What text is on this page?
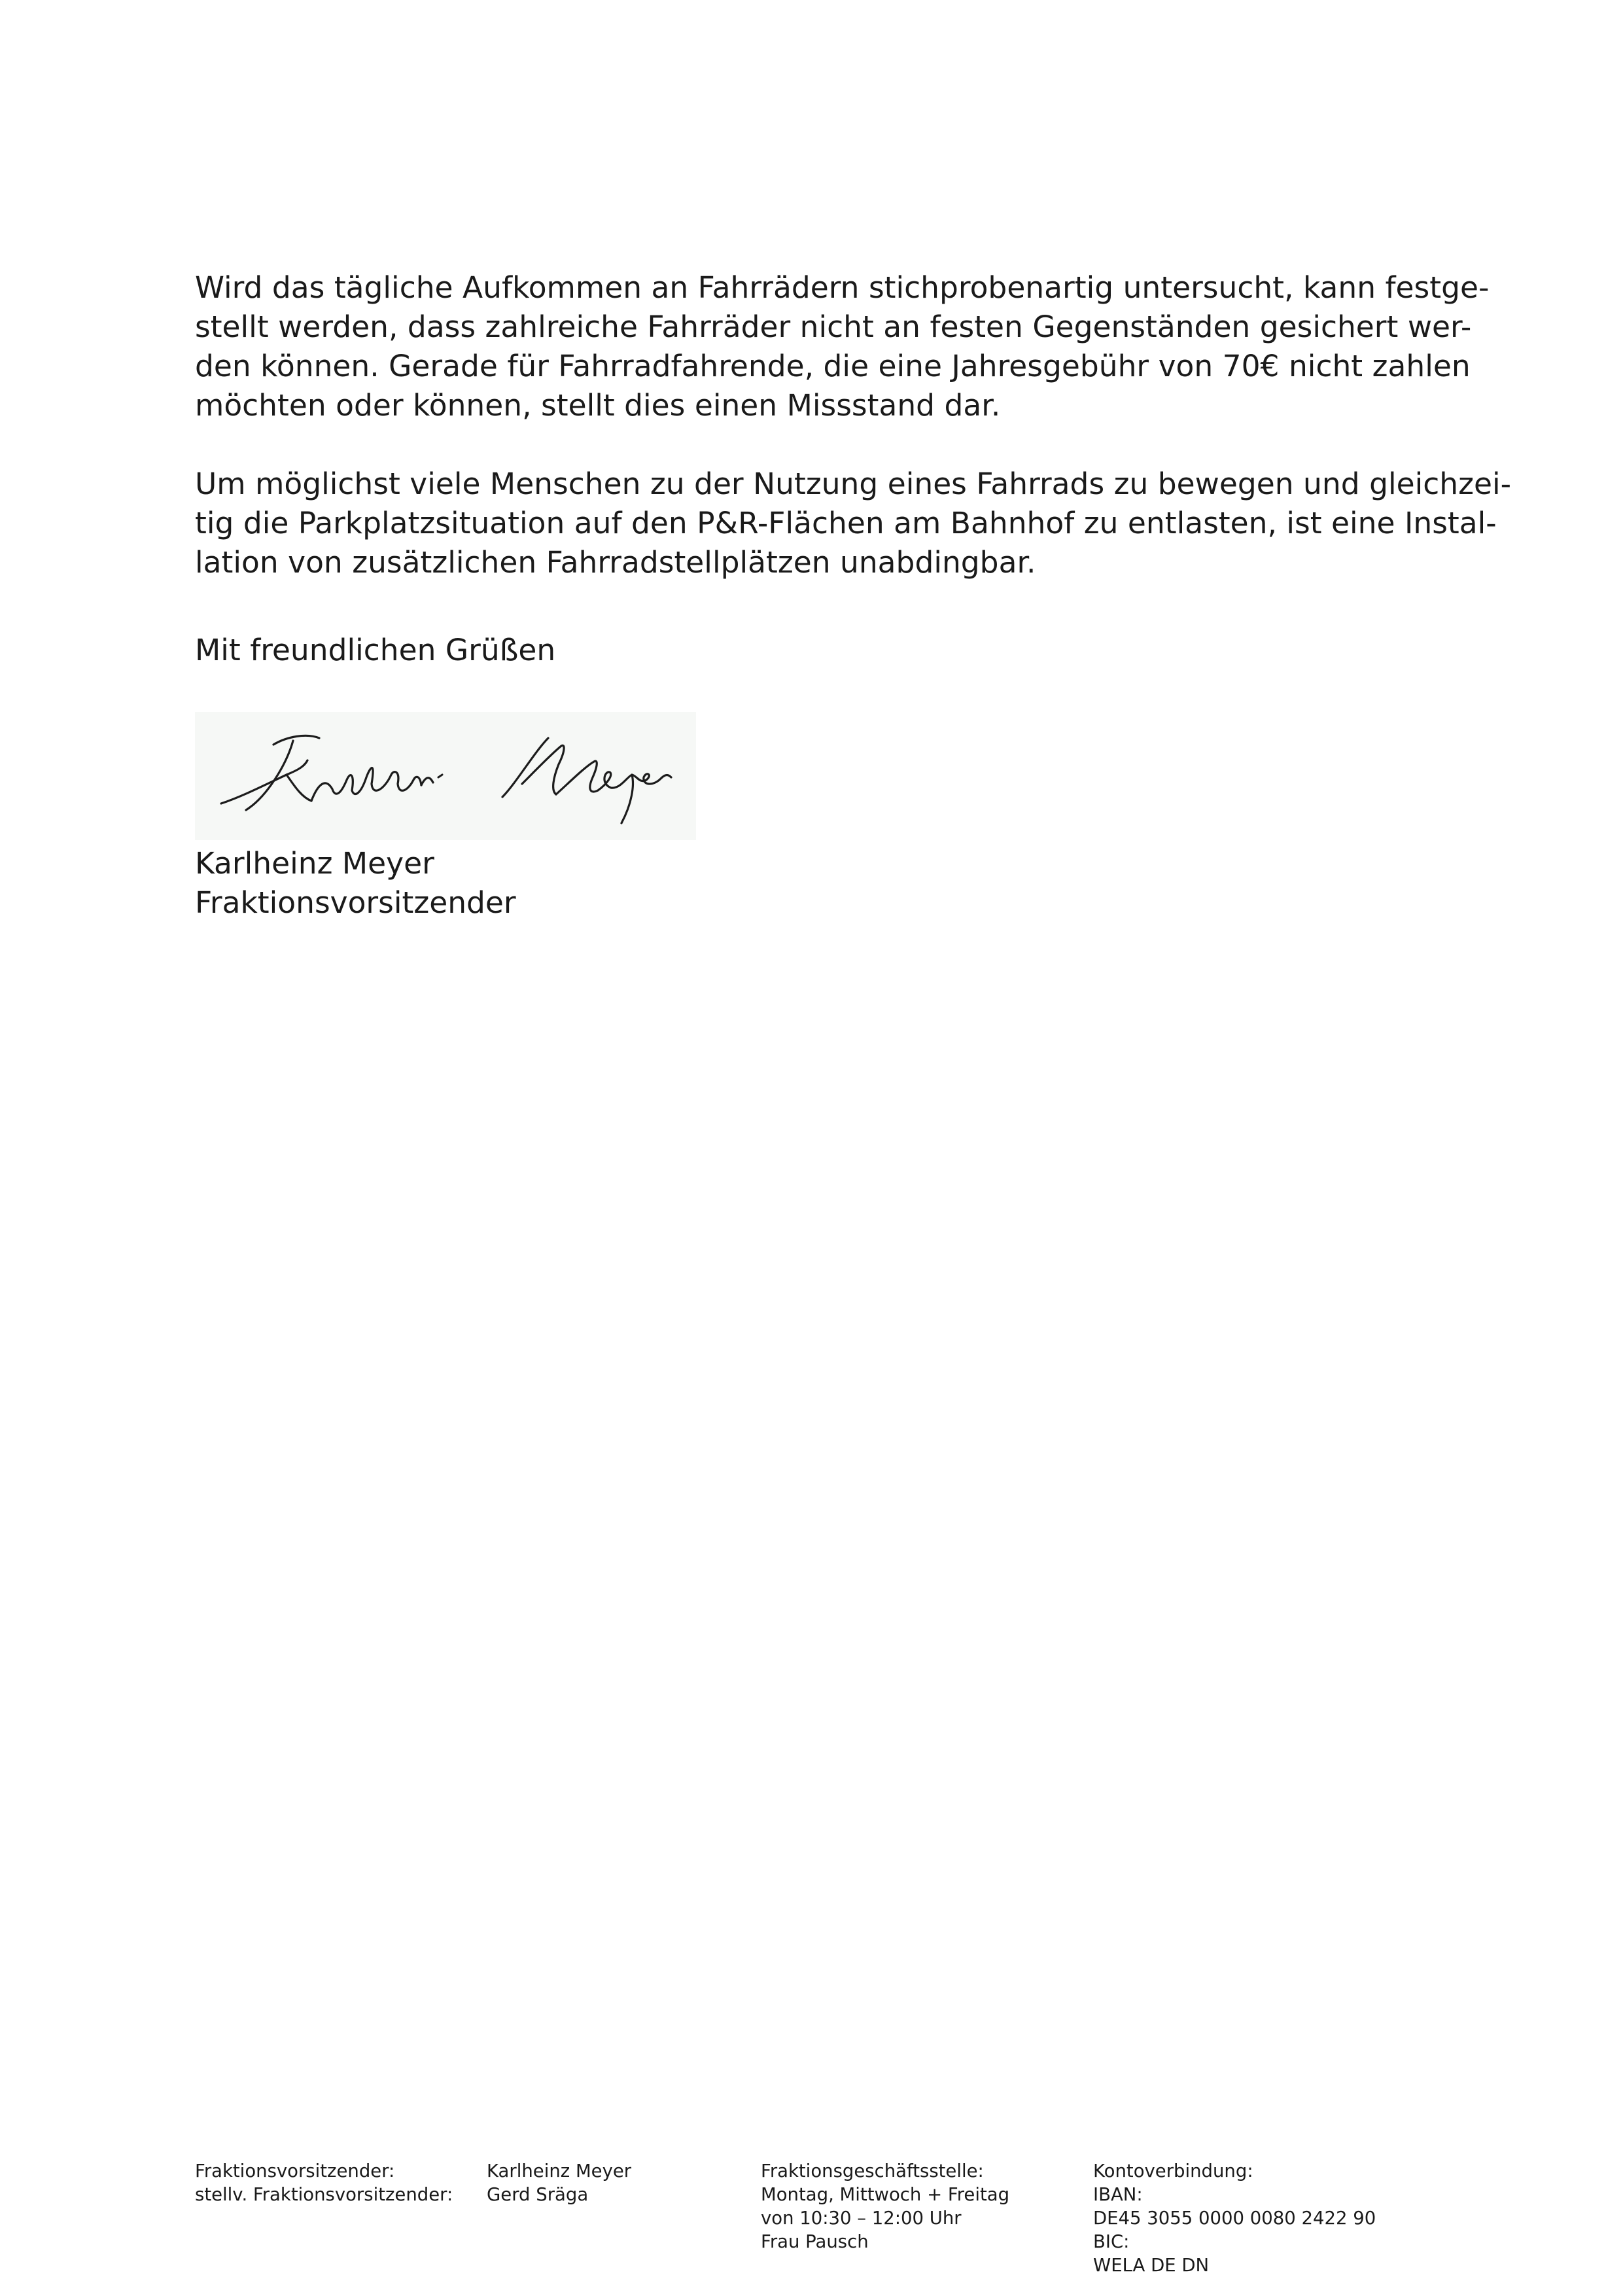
Wird das tägliche Aufkommen an Fahrrädern stichprobenartig untersucht, kann festge-
stellt werden, dass zahlreiche Fahrräder nicht an festen Gegenständen gesichert wer-
den können. Gerade für Fahrradfahrende, die eine Jahresgebühr von 70€ nicht zahlen
möchten oder können, stellt dies einen Missstand dar.

Um möglichst viele Menschen zu der Nutzung eines Fahrrads zu bewegen und gleichzei-
tig die Parkplatzsituation auf den P&R-Flächen am Bahnhof zu entlasten, ist eine Instal-
lation von zusätzlichen Fahrradstellplätzen unabdingbar.

Mit freundlichen Grüßen
Karlheinz Meyer
Fraktionsvorsitzender
Fraktionsvorsitzender:
stellv. Fraktionsvorsitzender:
Karlheinz Meyer
Gerd Sräga
Fraktionsgeschäftsstelle:
Montag, Mittwoch + Freitag
von 10:30 – 12:00 Uhr
Frau Pausch
Kontoverbindung:
IBAN:
DE45 3055 0000 0080 2422 90
BIC:
WELA DE DN
